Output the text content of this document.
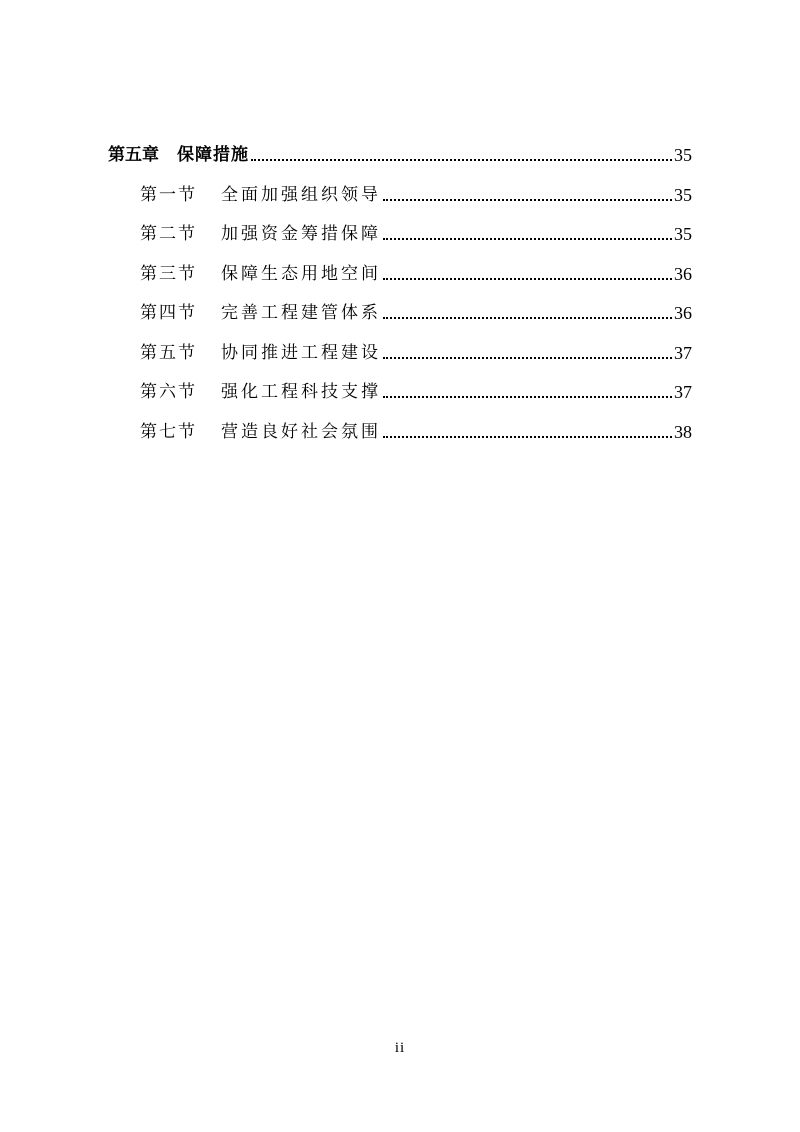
第五章 保障措施	35
第一节 全面加强组织领导	35
第二节 加强资金筹措保障	35
第三节 保障生态用地空间	36
第四节 完善工程建管体系	36
第五节 协同推进工程建设	37
第六节 强化工程科技支撑	37
第七节 营造良好社会氛围	38
ii
